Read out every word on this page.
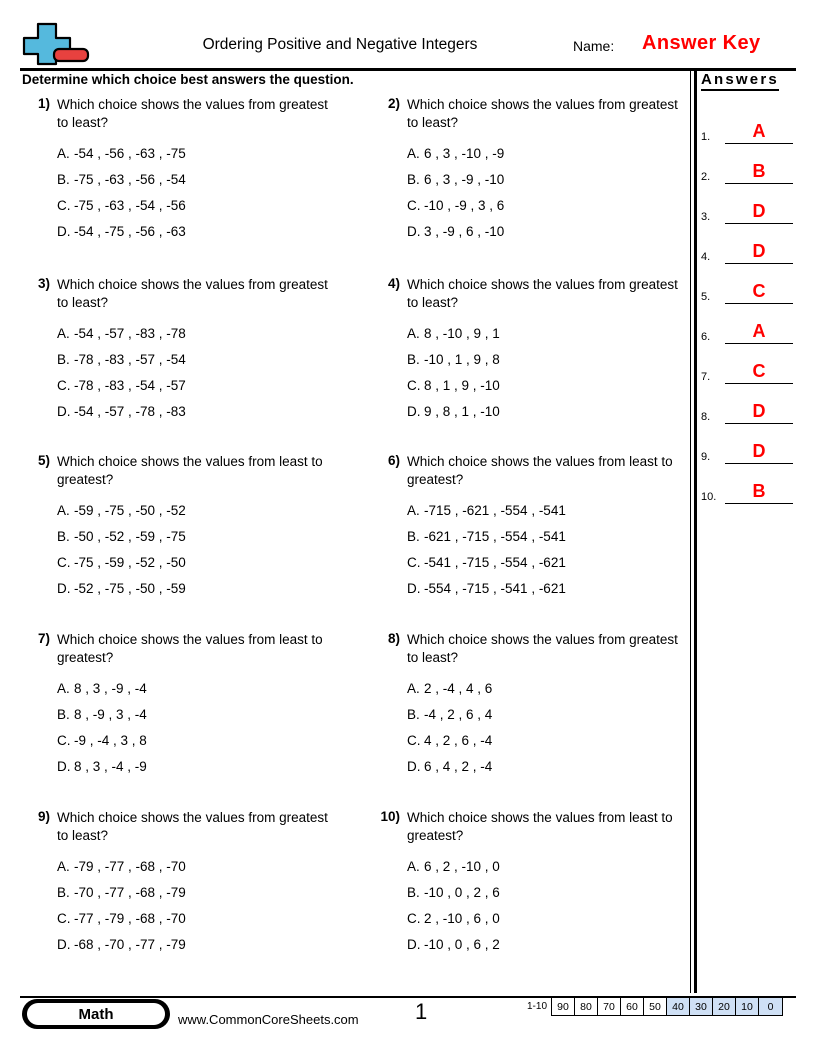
Ordering Positive and Negative Integers	Name: Answer Key
Determine which choice best answers the question.
1) Which choice shows the values from greatest to least?
A. -54 , -56 , -63 , -75
B. -75 , -63 , -56 , -54
C. -75 , -63 , -54 , -56
D. -54 , -75 , -56 , -63
2) Which choice shows the values from greatest to least?
A. 6 , 3 , -10 , -9
B. 6 , 3 , -9 , -10
C. -10 , -9 , 3 , 6
D. 3 , -9 , 6 , -10
3) Which choice shows the values from greatest to least?
A. -54 , -57 , -83 , -78
B. -78 , -83 , -57 , -54
C. -78 , -83 , -54 , -57
D. -54 , -57 , -78 , -83
4) Which choice shows the values from greatest to least?
A. 8 , -10 , 9 , 1
B. -10 , 1 , 9 , 8
C. 8 , 1 , 9 , -10
D. 9 , 8 , 1 , -10
5) Which choice shows the values from least to greatest?
A. -59 , -75 , -50 , -52
B. -50 , -52 , -59 , -75
C. -75 , -59 , -52 , -50
D. -52 , -75 , -50 , -59
6) Which choice shows the values from least to greatest?
A. -715 , -621 , -554 , -541
B. -621 , -715 , -554 , -541
C. -541 , -715 , -554 , -621
D. -554 , -715 , -541 , -621
7) Which choice shows the values from least to greatest?
A. 8 , 3 , -9 , -4
B. 8 , -9 , 3 , -4
C. -9 , -4 , 3 , 8
D. 8 , 3 , -4 , -9
8) Which choice shows the values from greatest to least?
A. 2 , -4 , 4 , 6
B. -4 , 2 , 6 , 4
C. 4 , 2 , 6 , -4
D. 6 , 4 , 2 , -4
9) Which choice shows the values from greatest to least?
A. -79 , -77 , -68 , -70
B. -70 , -77 , -68 , -79
C. -77 , -79 , -68 , -70
D. -68 , -70 , -77 , -79
10) Which choice shows the values from least to greatest?
A. 6 , 2 , -10 , 0
B. -10 , 0 , 2 , 6
C. 2 , -10 , 6 , 0
D. -10 , 0 , 6 , 2
Answers
1.	A
2.	B
3.	D
4.	D
5.	C
6.	A
7.	C
8.	D
9.	D
10.	B
Math	www.CommonCoreSheets.com	1	1-10 90	80	70	60	50	40	30	20	10	0
